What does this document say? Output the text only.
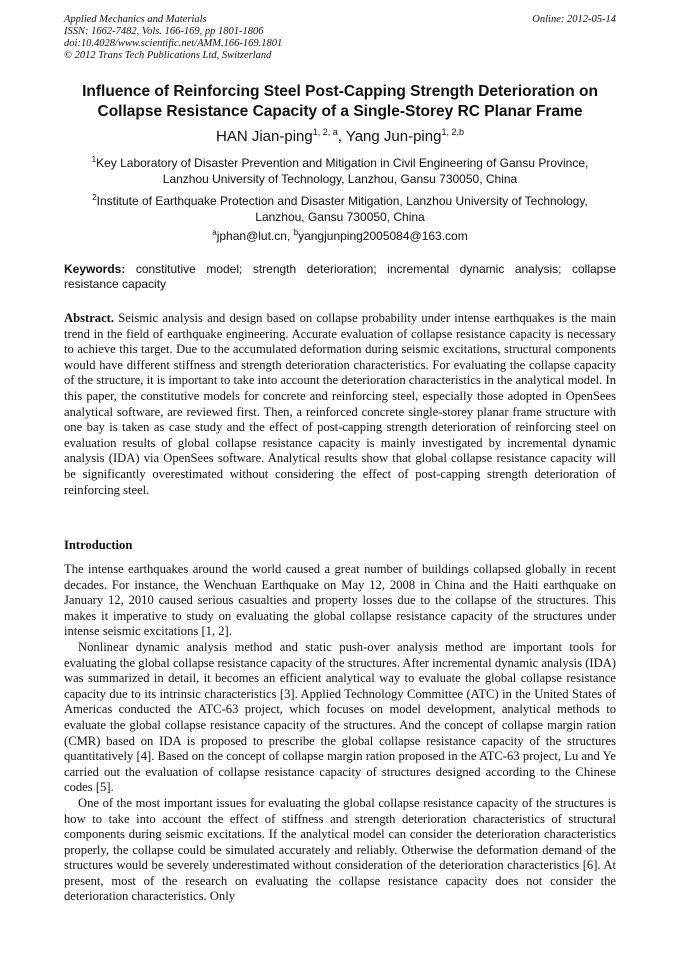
Applied Mechanics and Materials
ISSN: 1662-7482, Vols. 166-169, pp 1801-1806
doi:10.4028/www.scientific.net/AMM.166-169.1801
© 2012 Trans Tech Publications Ltd, Switzerland
Online: 2012-05-14
Influence of Reinforcing Steel Post-Capping Strength Deterioration on
Collapse Resistance Capacity of a Single-Storey RC Planar Frame
HAN Jian-ping$^{1, 2, a}$, Yang Jun-ping$^{1, 2,b}$
$^1$Key Laboratory of Disaster Prevention and Mitigation in Civil Engineering of Gansu Province,
Lanzhou University of Technology, Lanzhou, Gansu 730050, China
$^2$Institute of Earthquake Protection and Disaster Mitigation, Lanzhou University of Technology,
Lanzhou, Gansu 730050, China
$^a$jphan@lut.cn, $^b$yangjunping2005084@163.com
Keywords: constitutive model; strength deterioration; incremental dynamic analysis; collapse resistance capacity

Abstract. Seismic analysis and design based on collapse probability under intense earthquakes is the main trend in the field of earthquake engineering. Accurate evaluation of collapse resistance capacity is necessary to achieve this target. Due to the accumulated deformation during seismic excitations, structural components would have different stiffness and strength deterioration characteristics. For evaluating the collapse capacity of the structure, it is important to take into account the deterioration characteristics in the analytical model. In this paper, the constitutive models for concrete and reinforcing steel, especially those adopted in OpenSees analytical software, are reviewed first. Then, a reinforced concrete single-storey planar frame structure with one bay is taken as case study and the effect of post-capping strength deterioration of reinforcing steel on evaluation results of global collapse resistance capacity is mainly investigated by incremental dynamic analysis (IDA) via OpenSees software. Analytical results show that global collapse resistance capacity will be significantly overestimated without considering the effect of post-capping strength deterioration of reinforcing steel.

Introduction

The intense earthquakes around the world caused a great number of buildings collapsed globally in recent decades. For instance, the Wenchuan Earthquake on May 12, 2008 in China and the Haiti earthquake on January 12, 2010 caused serious casualties and property losses due to the collapse of the structures. This makes it imperative to study on evaluating the global collapse resistance capacity of the structures under intense seismic excitations [1, 2].

Nonlinear dynamic analysis method and static push-over analysis method are important tools for evaluating the global collapse resistance capacity of the structures. After incremental dynamic analysis (IDA) was summarized in detail, it becomes an efficient analytical way to evaluate the global collapse resistance capacity due to its intrinsic characteristics [3]. Applied Technology Committee (ATC) in the United States of Americas conducted the ATC-63 project, which focuses on model development, analytical methods to evaluate the global collapse resistance capacity of the structures. And the concept of collapse margin ration (CMR) based on IDA is proposed to prescribe the global collapse resistance capacity of the structures quantitatively [4]. Based on the concept of collapse margin ration proposed in the ATC-63 project, Lu and Ye carried out the evaluation of collapse resistance capacity of structures designed according to the Chinese codes [5].

One of the most important issues for evaluating the global collapse resistance capacity of the structures is how to take into account the effect of stiffness and strength deterioration characteristics of structural components during seismic excitations. If the analytical model can consider the deterioration characteristics properly, the collapse could be simulated accurately and reliably. Otherwise the deformation demand of the structures would be severely underestimated without consideration of the deterioration characteristics [6]. At present, most of the research on evaluating the collapse resistance capacity does not consider the deterioration characteristics. Only
